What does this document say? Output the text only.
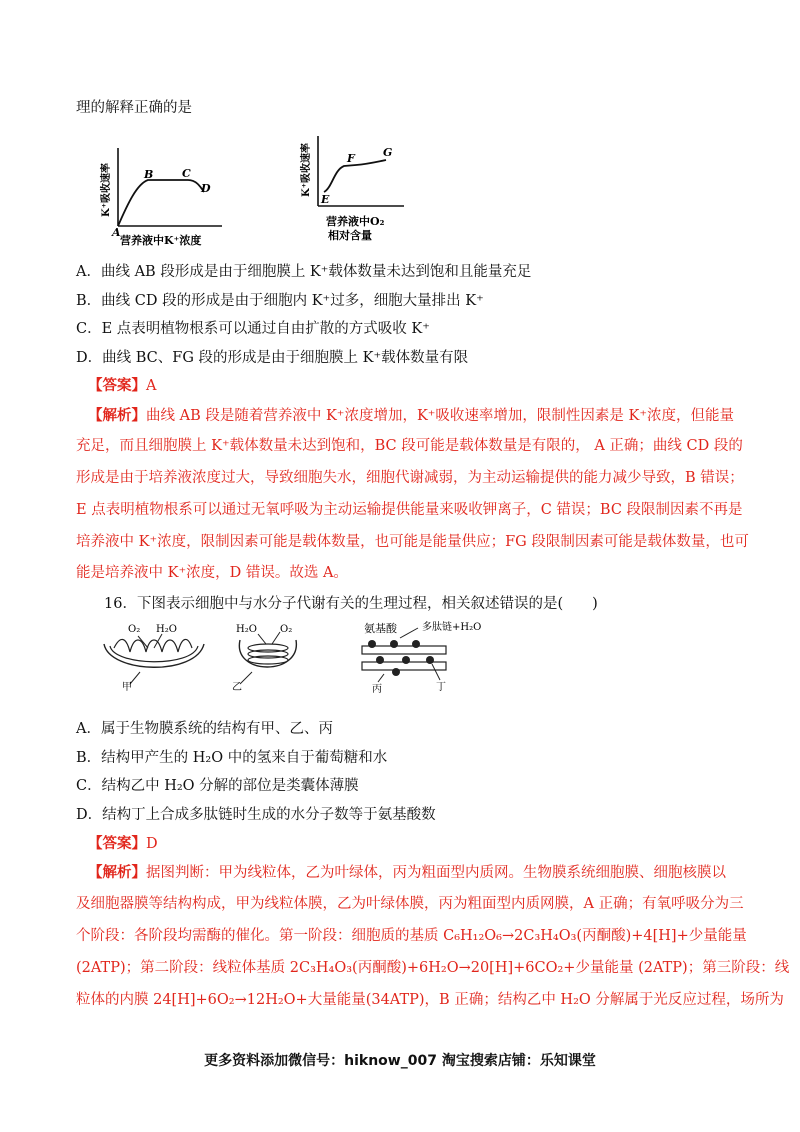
理的解释正确的是
K⁺吸收速率
A
B	C
D
营养液中K⁺浓度
K⁺吸收速率
E
F	G
营养液中O₂
相对含量
A．曲线 AB 段形成是由于细胞膜上 K⁺载体数量未达到饱和且能量充足
B．曲线 CD 段的形成是由于细胞内 K⁺过多，细胞大量排出 K⁺
C．E 点表明植物根系可以通过自由扩散的方式吸收 K⁺
D．曲线 BC、FG 段的形成是由于细胞膜上 K⁺载体数量有限
【答案】A
【解析】曲线 AB 段是随着营养液中 K⁺浓度增加，K⁺吸收速率增加，限制性因素是 K⁺浓度，但能量
充足，而且细胞膜上 K⁺载体数量未达到饱和，BC 段可能是载体数量是有限的， A 正确；曲线 CD 段的
形成是由于培养液浓度过大，导致细胞失水，细胞代谢减弱，为主动运输提供的能力减少导致，B 错误；
E 点表明植物根系可以通过无氧呼吸为主动运输提供能量来吸收钾离子，C 错误；BC 段限制因素不再是
培养液中 K⁺浓度，限制因素可能是载体数量，也可能是能量供应；FG 段限制因素可能是载体数量，也可
能是培养液中 K⁺浓度，D 错误。故选 A。
16．下图表示细胞中与水分子代谢有关的生理过程，相关叙述错误的是(　　)
O₂ H₂O
甲
H₂O O₂
乙
氨基酸	多肽链+H₂O
丙	丁
A．属于生物膜系统的结构有甲、乙、丙
B．结构甲产生的 H₂O 中的氢来自于葡萄糖和水
C．结构乙中 H₂O 分解的部位是类囊体薄膜
D．结构丁上合成多肽链时生成的水分子数等于氨基酸数
【答案】D
【解析】据图判断：甲为线粒体，乙为叶绿体，丙为粗面型内质网。生物膜系统细胞膜、细胞核膜以
及细胞器膜等结构构成，甲为线粒体膜，乙为叶绿体膜，丙为粗面型内质网膜，A 正确；有氧呼吸分为三
个阶段：各阶段均需酶的催化。第一阶段：细胞质的基质 C₆H₁₂O₆→2C₃H₄O₃(丙酮酸)+4[H]+少量能量
(2ATP)；第二阶段：线粒体基质 2C₃H₄O₃(丙酮酸)+6H₂O→20[H]+6CO₂+少量能量 (2ATP)；第三阶段：线
粒体的内膜 24[H]+6O₂→12H₂O+大量能量(34ATP)，B 正确；结构乙中 H₂O 分解属于光反应过程，场所为
更多资料添加微信号：hiknow_007 淘宝搜索店铺：乐知课堂
